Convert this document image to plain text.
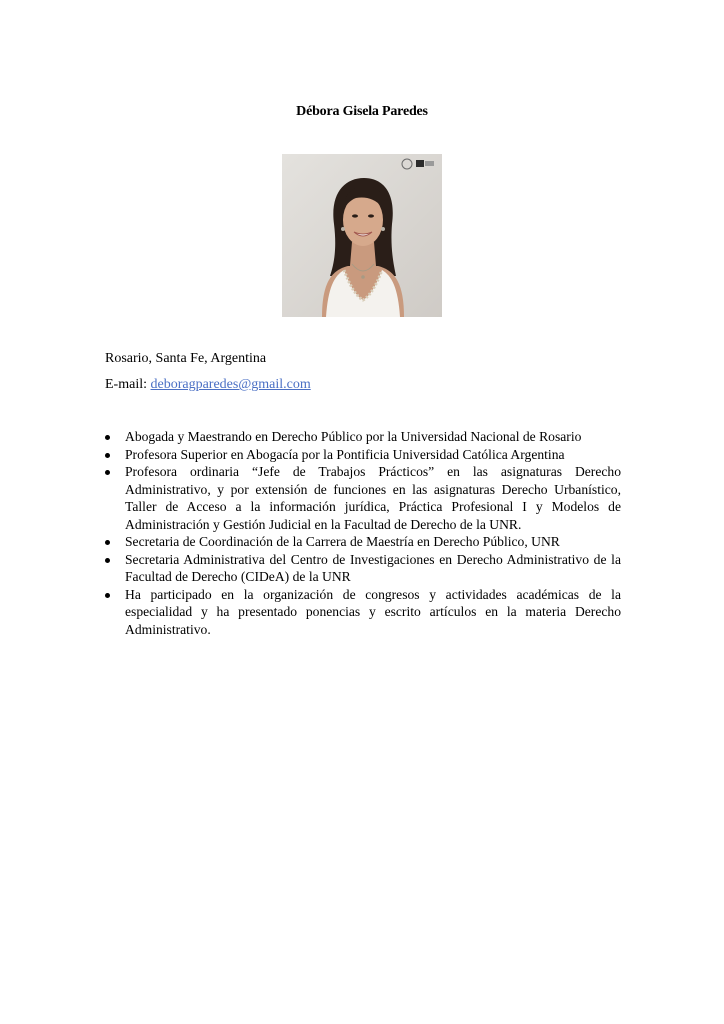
Débora Gisela Paredes
Rosario, Santa Fe, Argentina
E-mail: deboragparedes@gmail.com
Abogada y Maestrando en Derecho Público por la Universidad Nacional de Rosario
Profesora Superior en Abogacía por la Pontificia Universidad Católica Argentina
Profesora ordinaria “Jefe de Trabajos Prácticos” en las asignaturas Derecho Administrativo, y por extensión de funciones en las asignaturas Derecho Urbanístico, Taller de Acceso a la información jurídica, Práctica Profesional I y Modelos de Administración y Gestión Judicial en la Facultad de Derecho de la UNR.
Secretaria de Coordinación de la Carrera de Maestría en Derecho Público, UNR
Secretaria Administrativa del Centro de Investigaciones en Derecho Administrativo de la Facultad de Derecho (CIDeA) de la UNR
Ha participado en la organización de congresos y actividades académicas de la especialidad y ha presentado ponencias y escrito artículos en la materia Derecho Administrativo.
